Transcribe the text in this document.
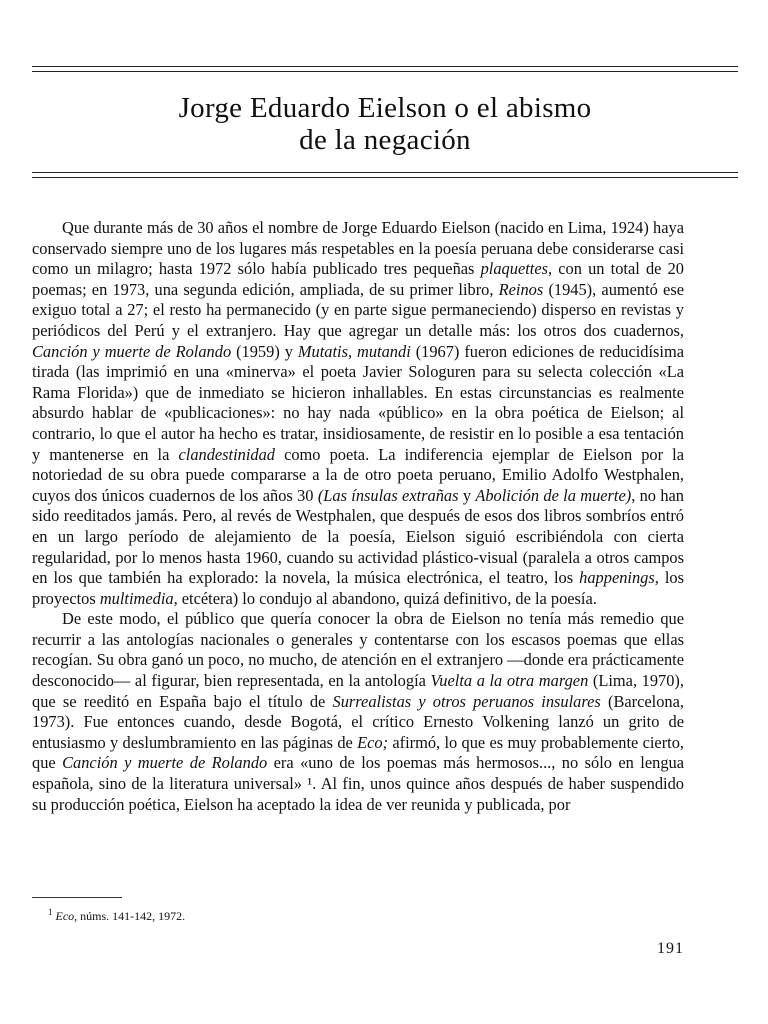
Jorge Eduardo Eielson o el abismo
de la negación

Que durante más de 30 años el nombre de Jorge Eduardo Eielson (nacido en Lima, 1924) haya conservado siempre uno de los lugares más respetables en la poesía peruana debe considerarse casi como un milagro; hasta 1972 sólo había publicado tres pequeñas plaquettes, con un total de 20 poemas; en 1973, una segunda edición, ampliada, de su primer libro, Reinos (1945), aumentó ese exiguo total a 27; el resto ha permanecido (y en parte sigue permaneciendo) disperso en revistas y periódicos del Perú y el extranjero. Hay que agregar un detalle más: los otros dos cuadernos, Canción y muerte de Rolando (1959) y Mutatis, mutandi (1967) fueron ediciones de reducidísima tirada (las imprimió en una «minerva» el poeta Javier Sologuren para su selecta colección «La Rama Florida») que de inmediato se hicieron inhallables. En estas circunstancias es realmente absurdo hablar de «publicaciones»: no hay nada «público» en la obra poética de Eielson; al contrario, lo que el autor ha hecho es tratar, insidiosamente, de resistir en lo posible a esa tentación y mantenerse en la clandestinidad como poeta. La indiferencia ejemplar de Eielson por la notoriedad de su obra puede compararse a la de otro poeta peruano, Emilio Adolfo Westphalen, cuyos dos únicos cuadernos de los años 30 (Las ínsulas extrañas y Abolición de la muerte), no han sido reeditados jamás. Pero, al revés de Westphalen, que después de esos dos libros sombríos entró en un largo período de alejamiento de la poesía, Eielson siguió escribiéndola con cierta regularidad, por lo menos hasta 1960, cuando su actividad plástico-visual (paralela a otros campos en los que también ha explorado: la novela, la música electrónica, el teatro, los happenings, los proyectos multimedia, etcétera) lo condujo al abandono, quizá definitivo, de la poesía.

De este modo, el público que quería conocer la obra de Eielson no tenía más remedio que recurrir a las antologías nacionales o generales y contentarse con los escasos poemas que ellas recogían. Su obra ganó un poco, no mucho, de atención en el extranjero —donde era prácticamente desconocido— al figurar, bien representada, en la antología Vuelta a la otra margen (Lima, 1970), que se reeditó en España bajo el título de Surrealistas y otros peruanos insulares (Barcelona, 1973). Fue entonces cuando, desde Bogotá, el crítico Ernesto Volkening lanzó un grito de entusiasmo y deslumbramiento en las páginas de Eco; afirmó, lo que es muy probablemente cierto, que Canción y muerte de Rolando era «uno de los poemas más hermosos..., no sólo en lengua española, sino de la literatura universal» ¹. Al fin, unos quince años después de haber suspendido su producción poética, Eielson ha aceptado la idea de ver reunida y publicada, por

$^1$ Eco, núms. 141-142, 1972.
191
